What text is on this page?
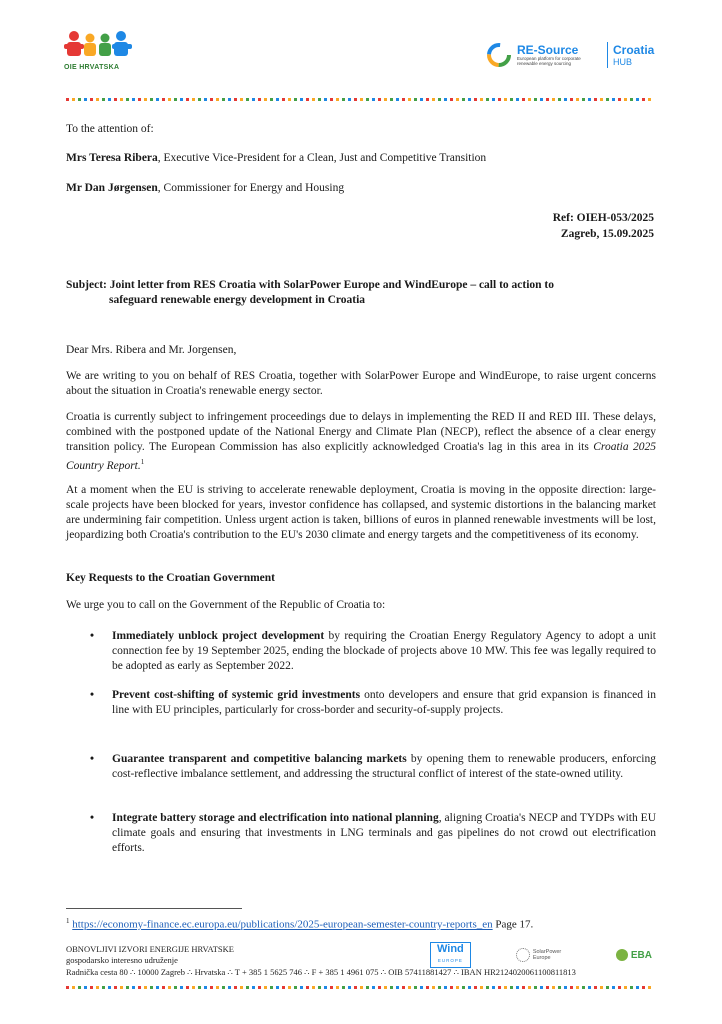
OIE HRVATSKA
RE-Source
European platform for corporate renewable energy sourcing
Croatia
HUB
To the attention of:
Mrs Teresa Ribera, Executive Vice-President for a Clean, Just and Competitive Transition
Mr Dan Jørgensen, Commissioner for Energy and Housing
Ref: OIEH-053/2025
Zagreb, 15.09.2025
Subject: Joint letter from RES Croatia with SolarPower Europe and WindEurope – call to action to
safeguard renewable energy development in Croatia
Dear Mrs. Ribera and Mr. Jorgensen,
We are writing to you on behalf of RES Croatia, together with SolarPower Europe and WindEurope, to raise urgent concerns about the situation in Croatia's renewable energy sector.
Croatia is currently subject to infringement proceedings due to delays in implementing the RED II and RED III. These delays, combined with the postponed update of the National Energy and Climate Plan (NECP), reflect the absence of a clear energy transition policy. The European Commission has also explicitly acknowledged Croatia's lag in this area in its Croatia 2025 Country Report.$^1$
At a moment when the EU is striving to accelerate renewable deployment, Croatia is moving in the opposite direction: large-scale projects have been blocked for years, investor confidence has collapsed, and systemic distortions in the balancing market are undermining fair competition. Unless urgent action is taken, billions of euros in planned renewable investments will be lost, jeopardizing both Croatia's contribution to the EU's 2030 climate and energy targets and the competitiveness of its economy.
Key Requests to the Croatian Government
We urge you to call on the Government of the Republic of Croatia to:
• Immediately unblock project development by requiring the Croatian Energy Regulatory Agency to adopt a unit connection fee by 19 September 2025, ending the blockade of projects above 10 MW. This fee was legally required to be adopted as early as September 2022.
• Prevent cost-shifting of systemic grid investments onto developers and ensure that grid expansion is financed in line with EU principles, particularly for cross-border and security-of-supply projects.
• Guarantee transparent and competitive balancing markets by opening them to renewable producers, enforcing cost-reflective imbalance settlement, and addressing the structural conflict of interest of the state-owned utility.
• Integrate battery storage and electrification into national planning, aligning Croatia's NECP and TYDPs with EU climate goals and ensuring that investments in LNG terminals and gas pipelines do not crowd out electrification efforts.
$^1$ https://economy-finance.ec.europa.eu/publications/2025-european-semester-country-reports_en Page 17.
OBNOVLJIVI IZVORI ENERGIJE HRVATSKE
gospodarsko interesno udruženje
Radnička cesta 80 ∴ 10000 Zagreb ∴ Hrvatska ∴ T + 385 1 5625 746 ∴ F + 385 1 4961 075 ∴ OIB 57411881427 ∴ IBAN HR2124020061100811813
Wind
EUROPE
SolarPower Europe	EBA
